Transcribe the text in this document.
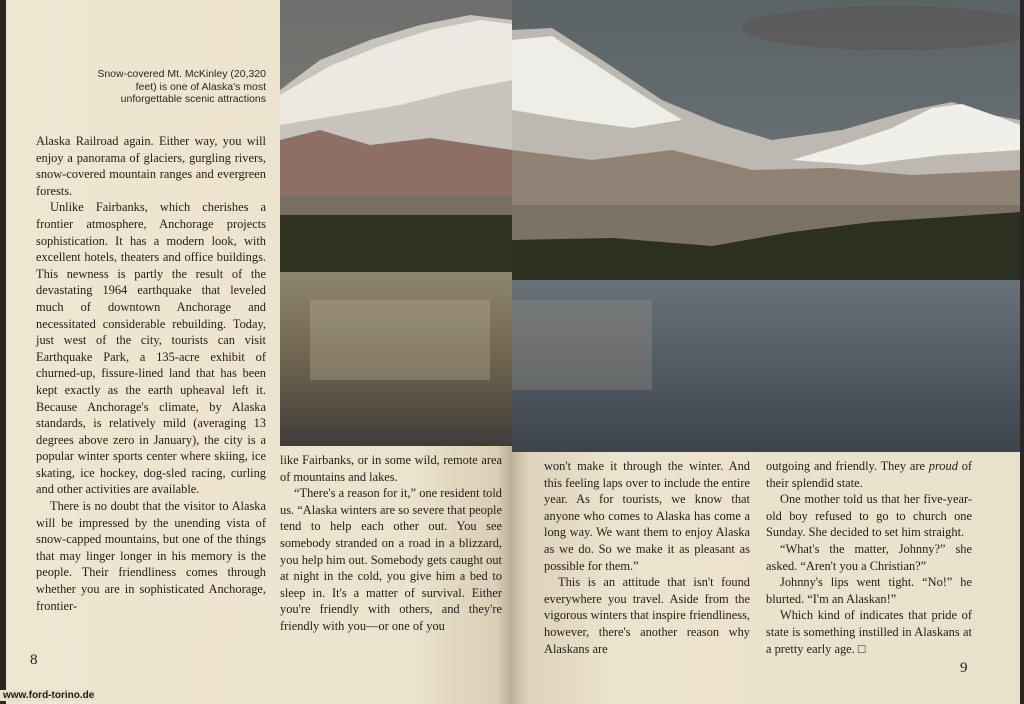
Snow-covered Mt. McKinley (20,320 feet) is one of Alaska's most unforgettable scenic attractions

Alaska Railroad again. Either way, you will enjoy a panorama of glaciers, gurgling rivers, snow-covered mountain ranges and evergreen forests.

Unlike Fairbanks, which cherishes a frontier atmosphere, Anchorage projects sophistication. It has a modern look, with excellent hotels, theaters and office buildings. This newness is partly the result of the devastating 1964 earthquake that leveled much of downtown Anchorage and necessitated considerable rebuilding. Today, just west of the city, tourists can visit Earthquake Park, a 135-acre exhibit of churned-up, fissure-lined land that has been kept exactly as the earth upheaval left it. Because Anchorage's climate, by Alaska standards, is relatively mild (averaging 13 degrees above zero in January), the city is a popular winter sports center where skiing, ice skating, ice hockey, dog-sled racing, curling and other activities are available.

There is no doubt that the visitor to Alaska will be impressed by the unending vista of snow-capped mountains, but one of the things that may linger longer in his memory is the people. Their friendliness comes through whether you are in sophisticated Anchorage, frontier-

like Fairbanks, or in some wild, remote area of mountains and lakes.

“There's a reason for it,” one resident told us. “Alaska winters are so severe that people tend to help each other out. You see somebody stranded on a road in a blizzard, you help him out. Somebody gets caught out at night in the cold, you give him a bed to sleep in. It's a matter of survival. Either you're friendly with others, and they're friendly with you—or one of you

8

won't make it through the winter. And this feeling laps over to include the entire year. As for tourists, we know that anyone who comes to Alaska has come a long way. We want them to enjoy Alaska as we do. So we make it as pleasant as possible for them.”

This is an attitude that isn't found everywhere you travel. Aside from the vigorous winters that inspire friendliness, however, there's another reason why Alaskans are

outgoing and friendly. They are proud of their splendid state.

One mother told us that her five-year-old boy refused to go to church one Sunday. She decided to set him straight.

“What's the matter, Johnny?” she asked. “Aren't you a Christian?”

Johnny's lips went tight. “No!” he blurted. “I'm an Alaskan!”

Which kind of indicates that pride of state is something instilled in Alaskans at a pretty early age. □

9
www.ford-torino.de
